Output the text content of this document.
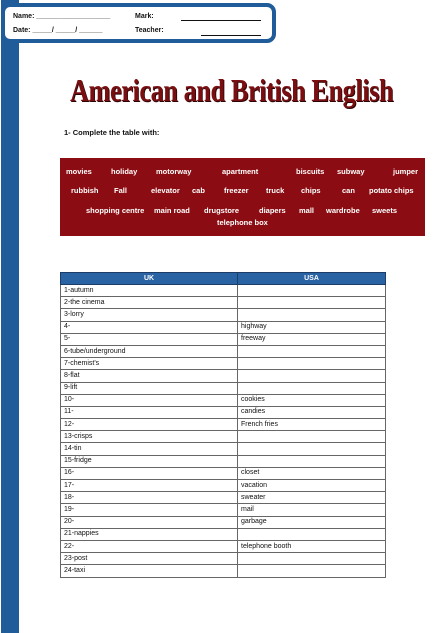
Name: ___________________
Date: _____/ _____/ ______
Mark:
Teacher:
American and British English
1- Complete the table with:
movies	holiday motorway	apartment	biscuits subway	jumper
rubbish Fall	elevator cab	freezer truck chips	can potato chips
shopping centre main road drugstore	diapers mall wardrobe sweets
telephone box
UK	USA
1-autumn	
2-the cinema	
3-lorry	
4-	highway
5-	freeway
6-tube/underground	
7-chemist's	
8-flat	
9-lift	
10-	cookies
11-	candies
12-	French fries
13-crisps	
14-tin	
15-fridge	
16-	closet
17-	vacation
18-	sweater
19-	mail
20-	garbage
21-nappies	
22-	telephone booth
23-post	
24-taxi	
